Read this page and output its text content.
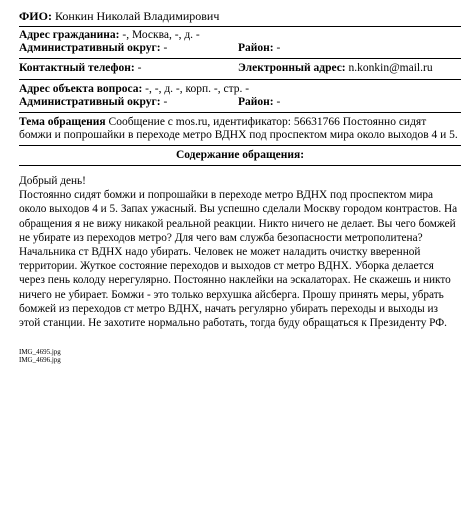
ФИО: Конкин Николай Владимирович
Адрес гражданина: -, Москва, -, д. -
Административный округ: -	Район: -
Контактный телефон: -	Электронный адрес: n.konkin@mail.ru
Адрес объекта вопроса: -, -, д. -, корп. -, стр. -
Административный округ: -	Район: -
Тема обращения Сообщение с mos.ru, идентификатор: 56631766 Постоянно сидят бомжи и попрошайки в переходе метро ВДНХ под проспектом мира около выходов 4 и 5.
Содержание обращения:
Добрый день!
Постоянно сидят бомжи и попрошайки в переходе метро ВДНХ под проспектом мира около выходов 4 и 5. Запах ужасный. Вы успешно сделали Москву городом контрастов. На обращения я не вижу никакой реальной реакции. Никто ничего не делает. Вы чего бомжей не убирате из переходов метро? Для чего вам служба безопасности метрополитена? Начальника ст ВДНХ надо убирать. Человек не может наладить очистку вверенной территории. Жуткое состояние переходов и выходов ст метро ВДНХ. Уборка делается через пень колоду нерегулярно. Постоянно наклейки на эскалаторах. Не скажешь и никто ничего не убирает. Бомжи - это только верхушка айсберга. Прошу принять меры, убрать бомжей из переходов ст метро ВДНХ, начать регулярно убирать переходы и выходы из этой станции. Не захотите нормально работать, тогда буду обращаться к Президенту РФ.
IMG_4695.jpg
IMG_4696.jpg
